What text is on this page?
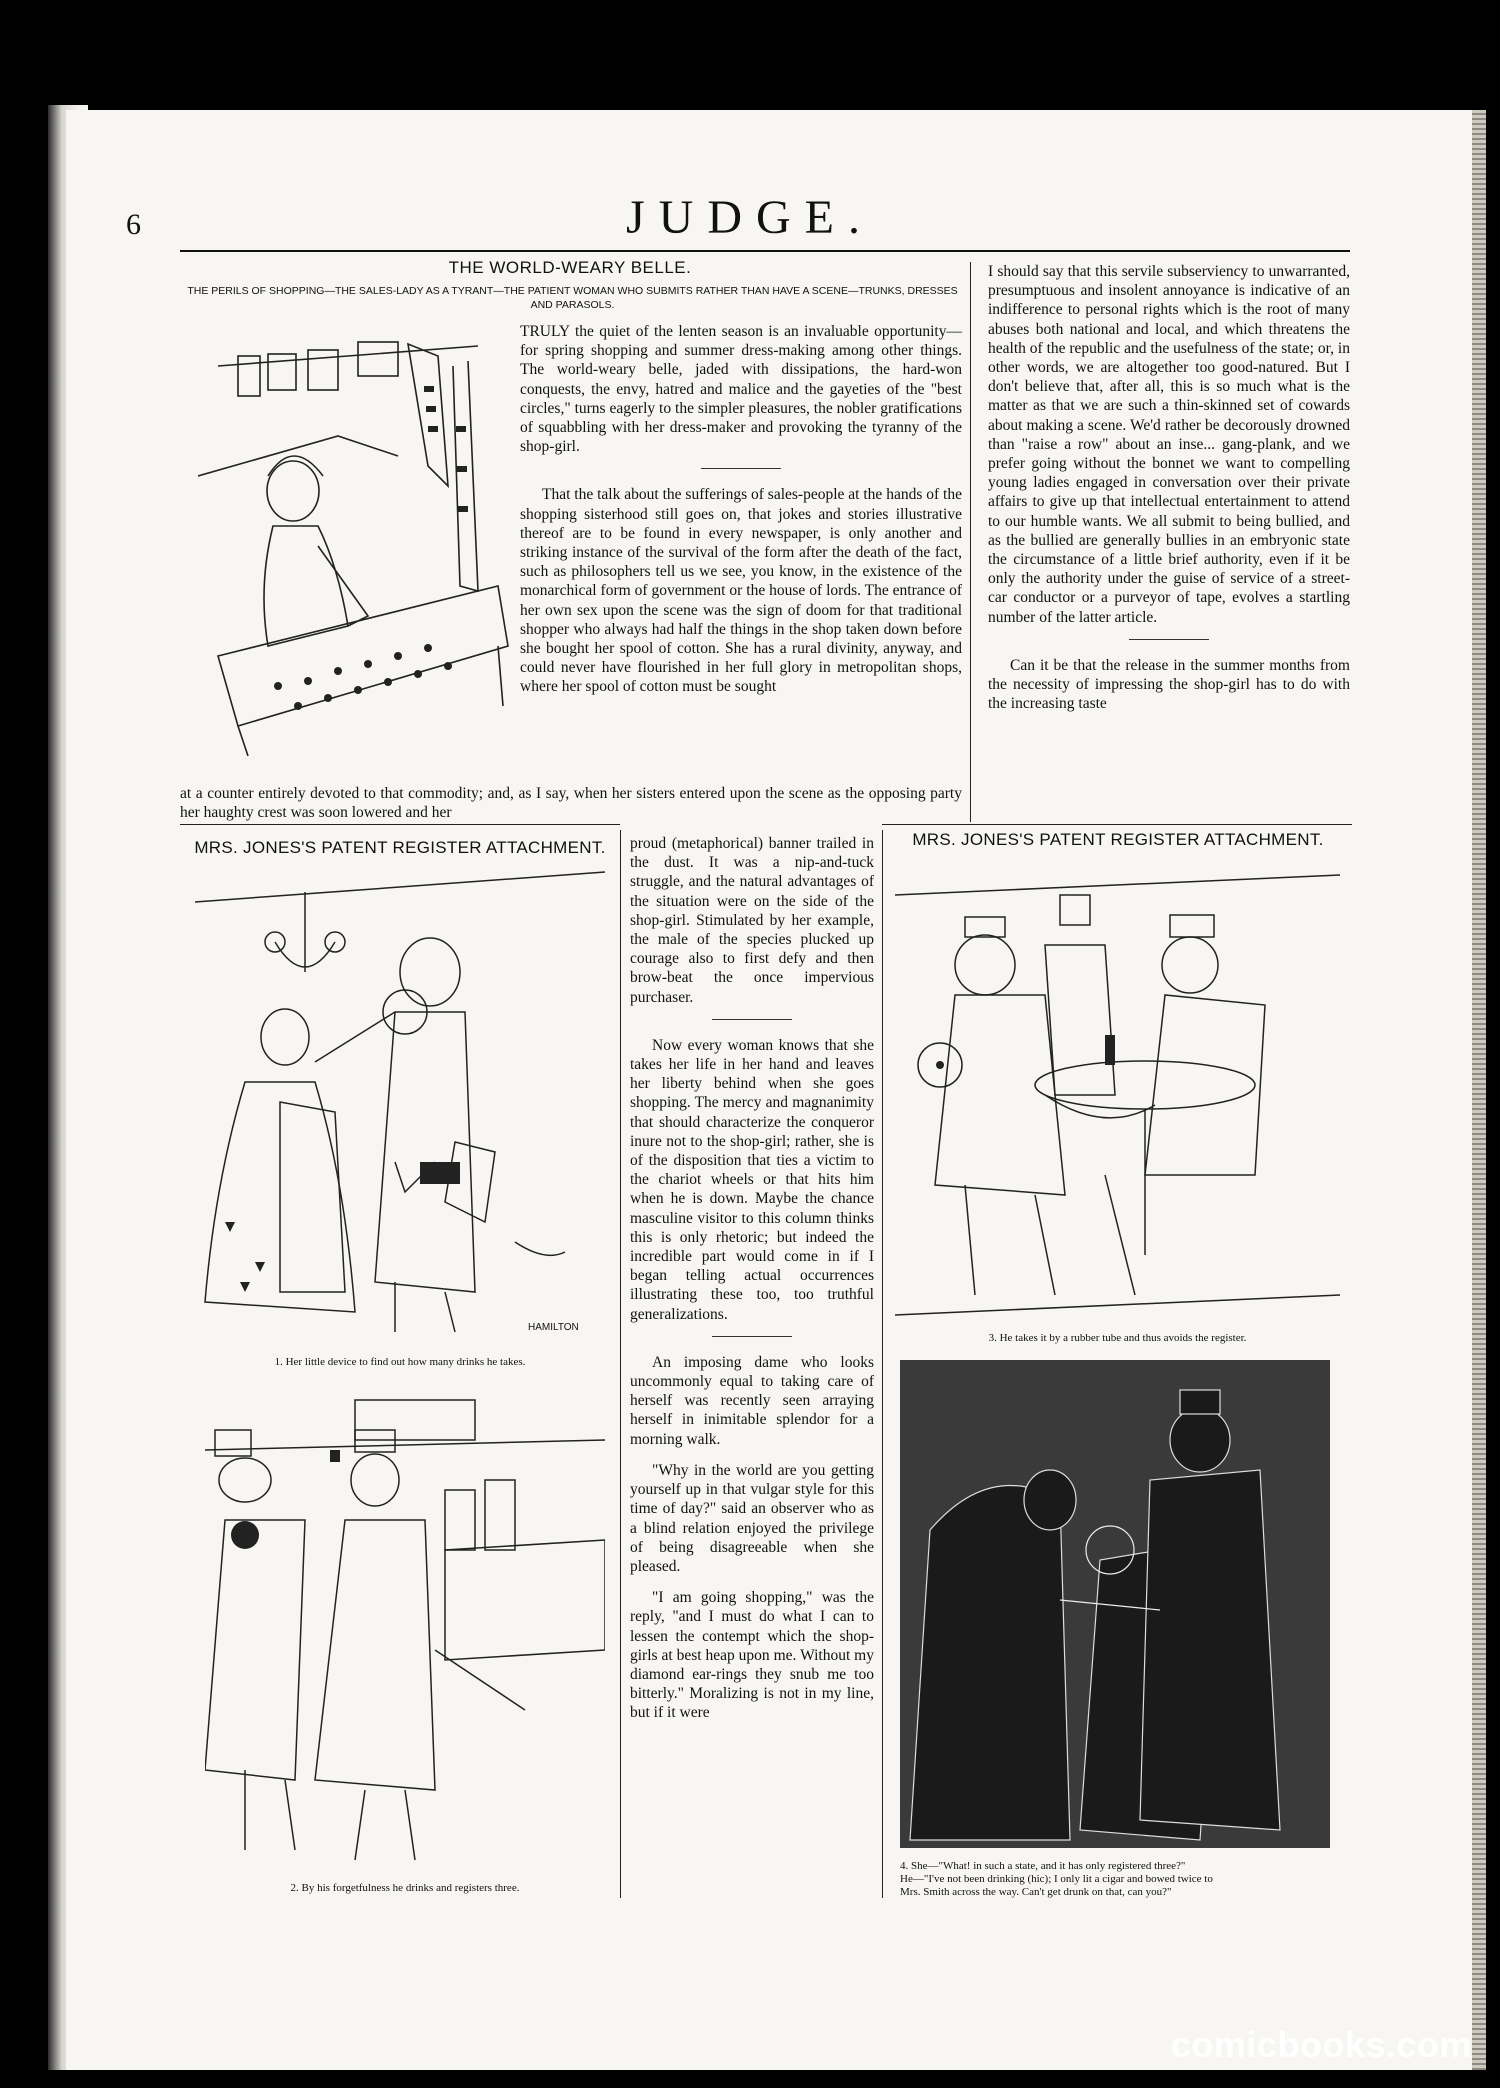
6	JUDGE.
THE WORLD-WEARY BELLE.
THE PERILS OF SHOPPING—THE SALES-LADY AS A TYRANT—THE PATIENT WOMAN WHO SUBMITS RATHER THAN HAVE A SCENE—TRUNKS, DRESSES AND PARASOLS.

TRULY the quiet of the lenten season is an invaluable opportunity—for spring shopping and summer dress-making among other things. The world-weary belle, jaded with dissipations, the hard-won conquests, the envy, hatred and malice and the gayeties of the "best circles," turns eagerly to the simpler pleasures, the nobler gratifications of squabbling with her dress-maker and provoking the tyranny of the shop-girl.

That the talk about the sufferings of sales-people at the hands of the shopping sisterhood still goes on, that jokes and stories illustrative thereof are to be found in every newspaper, is only another and striking instance of the survival of the form after the death of the fact, such as philosophers tell us we see, you know, in the existence of the monarchical form of government or the house of lords. The entrance of her own sex upon the scene was the sign of doom for that traditional shopper who always had half the things in the shop taken down before she bought her spool of cotton. She has a rural divinity, anyway, and could never have flourished in her full glory in metropolitan shops, where her spool of cotton must be sought

at a counter entirely devoted to that commodity; and, as I say, when her sisters entered upon the scene as the opposing party her haughty crest was soon lowered and her

I should say that this servile subserviency to unwarranted, presumptuous and insolent annoyance is indicative of an indifference to personal rights which is the root of many abuses both national and local, and which threatens the health of the republic and the usefulness of the state; or, in other words, we are altogether too good-natured. But I don't believe that, after all, this is so much what is the matter as that we are such a thin-skinned set of cowards about making a scene. We'd rather be decorously drowned than "raise a row" about an inse... gang-plank, and we prefer going without the bonnet we want to compelling young ladies engaged in conversation over their private affairs to give up that intellectual entertainment to attend to our humble wants. We all submit to being bullied, and as the bullied are generally bullies in an embryonic state the circumstance of a little brief authority, even if it be only the authority under the guise of service of a street-car conductor or a purveyor of tape, evolves a startling number of the latter article.

Can it be that the release in the summer months from the necessity of impressing the shop-girl has to do with the increasing taste

MRS. JONES'S PATENT REGISTER ATTACHMENT.
HAMILTON
1. Her little device to find out how many drinks he takes.
2. By his forgetfulness he drinks and registers three.

proud (metaphorical) banner trailed in the dust. It was a nip-and-tuck struggle, and the natural advantages of the situation were on the side of the shop-girl. Stimulated by her example, the male of the species plucked up courage also to first defy and then brow-beat the once impervious purchaser.

Now every woman knows that she takes her life in her hand and leaves her liberty behind when she goes shopping. The mercy and magnanimity that should characterize the conqueror inure not to the shop-girl; rather, she is of the disposition that ties a victim to the chariot wheels or that hits him when he is down. Maybe the chance masculine visitor to this column thinks this is only rhetoric; but indeed the incredible part would come in if I began telling actual occurrences illustrating these too, too truthful generalizations.

An imposing dame who looks uncommonly equal to taking care of herself was recently seen arraying herself in inimitable splendor for a morning walk.

"Why in the world are you getting yourself up in that vulgar style for this time of day?" said an observer who as a blind relation enjoyed the privilege of being disagreeable when she pleased.

"I am going shopping," was the reply, "and I must do what I can to lessen the contempt which the shop-girls at best heap upon me. Without my diamond ear-rings they snub me too bitterly." Moralizing is not in my line, but if it were

MRS. JONES'S PATENT REGISTER ATTACHMENT.
3. He takes it by a rubber tube and thus avoids the register.
4. She—"What! in such a state, and it has only registered three?"
He—"I've not been drinking (hic); I only lit a cigar and bowed twice to
Mrs. Smith across the way. Can't get drunk on that, can you?"
comicbooks.com
